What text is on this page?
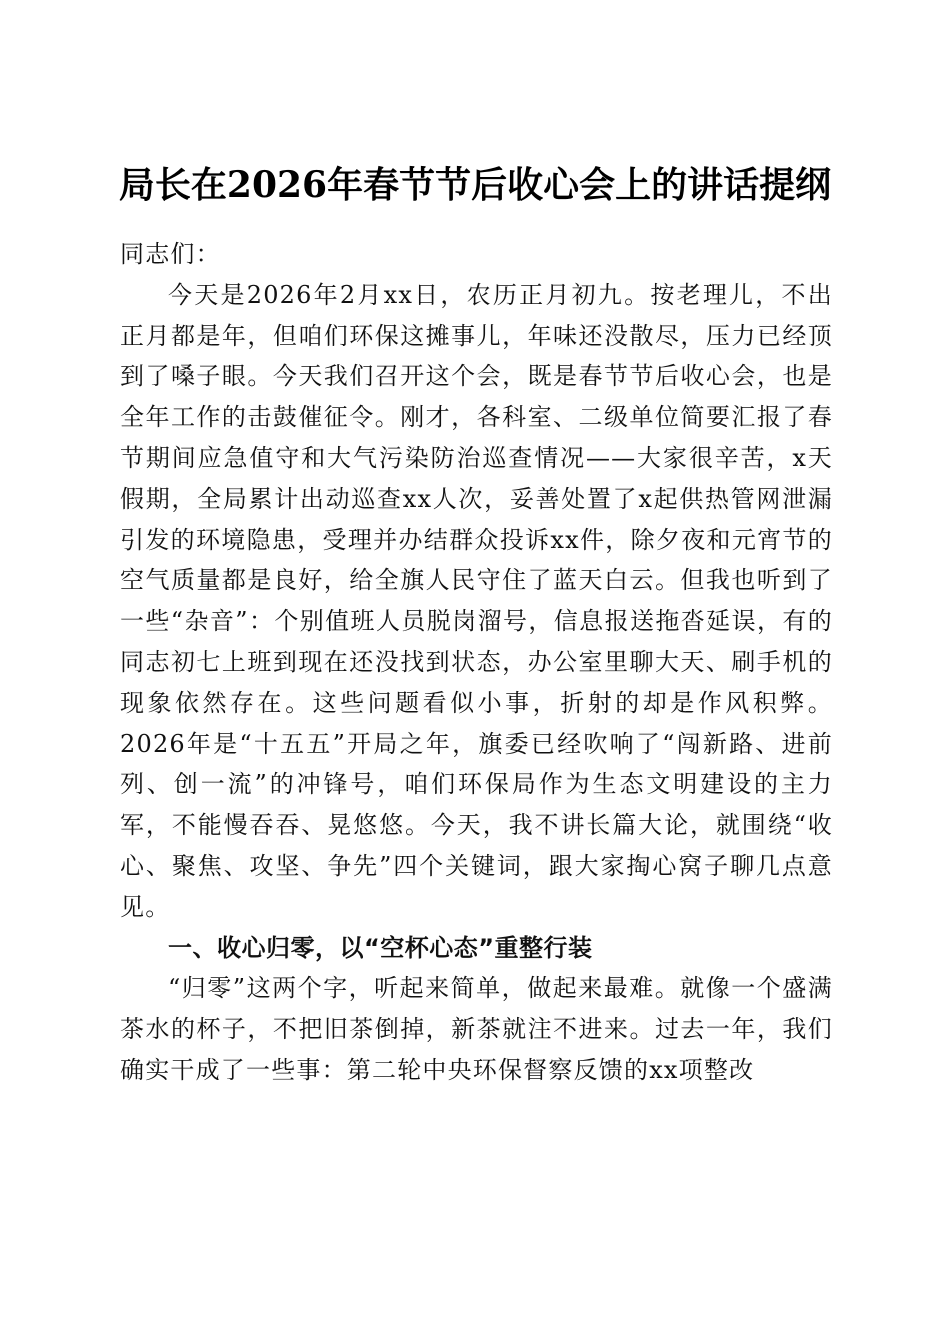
局长在2026年春节节后收心会上的讲话提纲

同志们：

今天是2026年2月xx日，农历正月初九。按老理儿，不出正月都是年，但咱们环保这摊事儿，年味还没散尽，压力已经顶到了嗓子眼。今天我们召开这个会，既是春节节后收心会，也是全年工作的击鼓催征令。刚才，各科室、二级单位简要汇报了春节期间应急值守和大气污染防治巡查情况——大家很辛苦，x天假期，全局累计出动巡查xx人次，妥善处置了x起供热管网泄漏引发的环境隐患，受理并办结群众投诉xx件，除夕夜和元宵节的空气质量都是良好，给全旗人民守住了蓝天白云。但我也听到了一些“杂音”：个别值班人员脱岗溜号，信息报送拖沓延误，有的同志初七上班到现在还没找到状态，办公室里聊大天、刷手机的现象依然存在。这些问题看似小事，折射的却是作风积弊。2026年是“十五五”开局之年，旗委已经吹响了“闯新路、进前列、创一流”的冲锋号，咱们环保局作为生态文明建设的主力军，不能慢吞吞、晃悠悠。今天，我不讲长篇大论，就围绕“收心、聚焦、攻坚、争先”四个关键词，跟大家掏心窝子聊几点意见。

一、收心归零，以“空杯心态”重整行装

“归零”这两个字，听起来简单，做起来最难。就像一个盛满茶水的杯子，不把旧茶倒掉，新茶就注不进来。过去一年，我们确实干成了一些事：第二轮中央环保督察反馈的xx项整改
